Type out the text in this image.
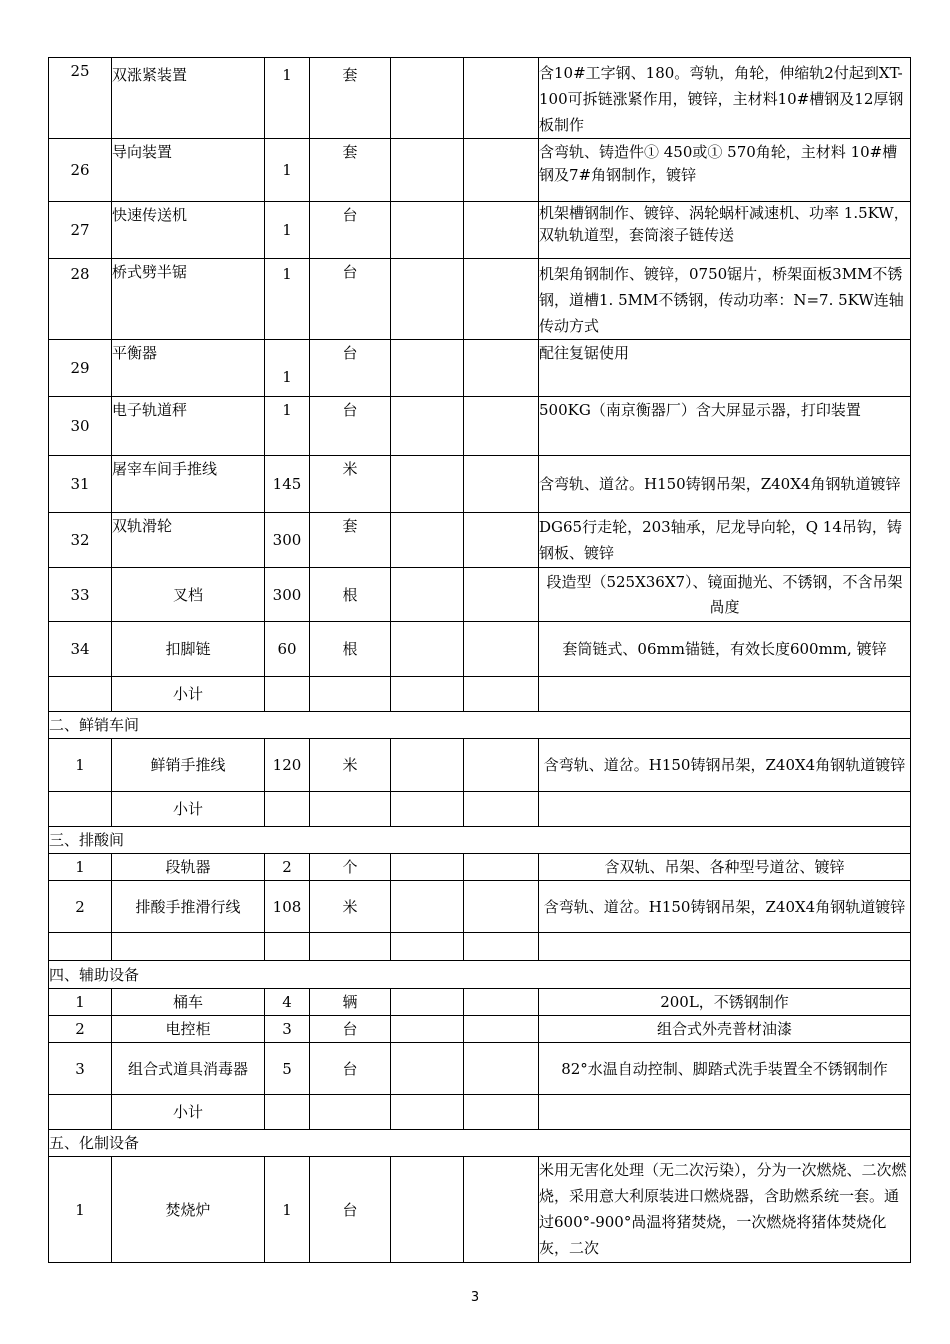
25	双涨紧装置	1	套			含10#工字钢、180。弯轨，角轮，伸缩轨2付起到XT-100可拆链涨紧作用，镀锌，主材料10#槽钢及12厚钢板制作
26	导向装置	1	套			含弯轨、铸造件① 450或① 570角轮，主材料 10#槽钢及7#角钢制作，镀锌

27	快速传送机	1	台			机架槽钢制作、镀锌、涡轮蜗杆减速机、功率 1.5KW，双轨轨道型，套筒滚子链传送

28	桥式劈半锯	1	台			机架角钢制作、镀锌，0750锯片，桥架面板3MM不锈钢，道槽1. 5MM不锈钢，传动功率：N=7. 5KW连轴传动方式
29	平衡器	1	台			配往复锯使用
30	电子轨道秤	1	台			500KG（南京衡器厂）含大屏显示器，打印装置
31	屠宰车间手推线	145	米			含弯轨、道岔。H150铸钢吊架，Z40X4角钢轨道镀锌
32	双轨滑轮	300	套			DG65行走轮，203轴承，尼龙导向轮，Q 14吊钩，铸钢板、镀锌
33	叉档	300	根			段造型（525X36X7）、镜面抛光、不锈钢，不含吊架咼度
34	扣脚链	60	根			套筒链式、06mm锚链，有效长度600mm, 镀锌
	小计					
二、鲜销车间						
1	鲜销手推线	120	米			含弯轨、道岔。H150铸钢吊架，Z40X4角钢轨道镀锌
	小计					
三、排酸间						
1	段轨器	2	个			含双轨、吊架、各种型号道岔、镀锌
2	排酸手推滑行线	108	米			含弯轨、道岔。H150铸钢吊架，Z40X4角钢轨道镀锌

四、辅助设备						
1	桶车	4	辆			200L，不锈钢制作
2	电控柜	3	台			组合式外壳普材油漆
3	组合式道具消毒器	5	台			82°水温自动控制、脚踏式洗手装置全不锈钢制作
	小计					
五、化制设备						
1	焚烧炉	1	台			米用无害化处理（无二次污染），分为一次燃烧、二次燃烧，采用意大利原装进口燃烧器，含助燃系统一套。通过600°-900°咼温将猪焚烧，一次燃烧将猪体焚烧化灰，二次
3
